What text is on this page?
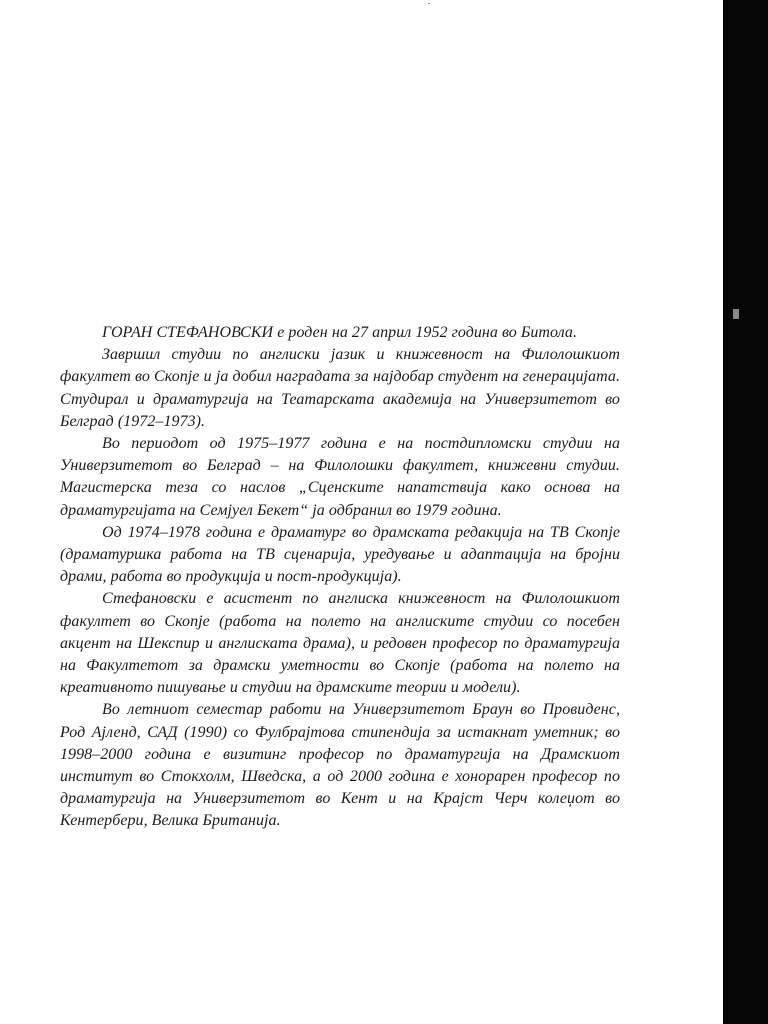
ГОРАН СТЕФАНОВСКИ е роден на 27 април 1952 година во Битола.

Завршил студии по англиски јазик и книжевност на Филолошкиот факултет во Скопје и ја добил наградата за најдобар студент на генерацијата. Студирал и драматургија на Театарската академија на Универзитетот во Белград (1972–1973).

Во периодот од 1975–1977 година е на постдипломски студии на Универзитетот во Белград – на Филолошки факултет, книжевни студии. Магистерска теза со наслов „Сценските напатствија како основа на драматургијата на Семјуел Бекет“ ја одбранил во 1979 година.

Од 1974–1978 година е драматург во драмската редакција на ТВ Скопје (драматуршка работа на ТВ сценарија, уредување и адаптација на бројни драми, работа во продукција и пост-продукција).

Стефановски е асистент по англиска книжевност на Филолошкиот факултет во Скопје (работа на полето на англиските студии со посебен акцент на Шекспир и англиската драма), и редовен професор по драматургија на Факултетот за драмски уметности во Скопје (работа на полето на креативното пишување и студии на драмските теории и модели).

Во летниот семестар работи на Универзитетот Браун во Провиденс, Род Ајленд, САД (1990) со Фулбрајтова стипендија за истакнат уметник; во 1998–2000 година е визитинг професор по драматургија на Драмскиот институт во Стокхолм, Шведска, а од 2000 година е хонорарен професор по драматургија на Универзитетот во Кент и на Крајст Черч колеџот во Кентербери, Велика Британија.
